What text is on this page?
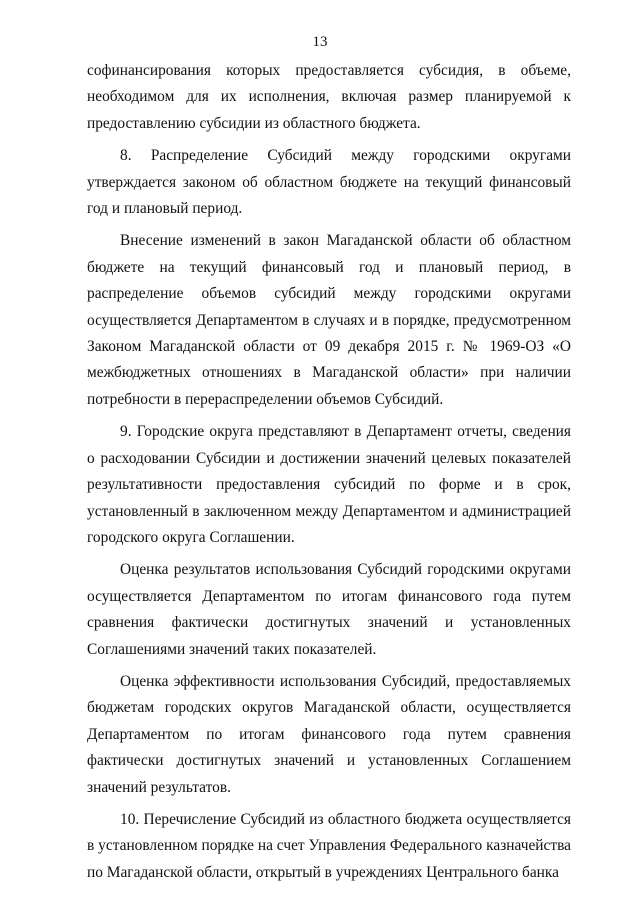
13

софинансирования которых предоставляется субсидия, в объеме, необходимом для их исполнения, включая размер планируемой к предоставлению субсидии из областного бюджета.

8. Распределение Субсидий между городскими округами утверждается законом об областном бюджете на текущий финансовый год и плановый период.

Внесение изменений в закон Магаданской области об областном бюджете на текущий финансовый год и плановый период, в распределение объемов субсидий между городскими округами осуществляется Департаментом в случаях и в порядке, предусмотренном Законом Магаданской области от 09 декабря 2015 г. № 1969-ОЗ «О межбюджетных отношениях в Магаданской области» при наличии потребности в перераспределении объемов Субсидий.

9. Городские округа представляют в Департамент отчеты, сведения о расходовании Субсидии и достижении значений целевых показателей результативности предоставления субсидий по форме и в срок, установленный в заключенном между Департаментом и администрацией городского округа Соглашении.

Оценка результатов использования Субсидий городскими округами осуществляется Департаментом по итогам финансового года путем сравнения фактически достигнутых значений и установленных Соглашениями значений таких показателей.

Оценка эффективности использования Субсидий, предоставляемых бюджетам городских округов Магаданской области, осуществляется Департаментом по итогам финансового года путем сравнения фактически достигнутых значений и установленных Соглашением значений результатов.

10. Перечисление Субсидий из областного бюджета осуществляется в установленном порядке на счет Управления Федерального казначейства по Магаданской области, открытый в учреждениях Центрального банка
